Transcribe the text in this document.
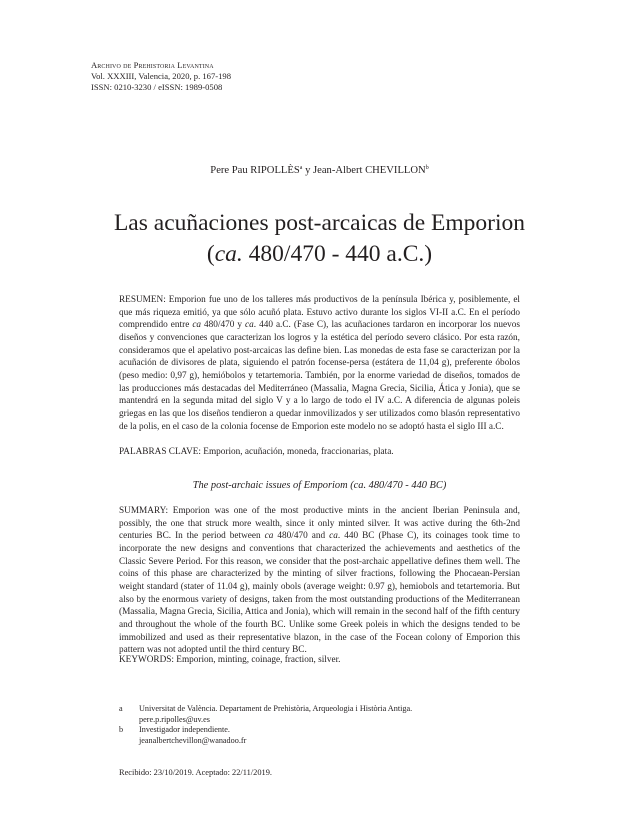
Archivo de Prehistoria Levantina
Vol. XXXIII, Valencia, 2020, p. 167-198
ISSN: 0210-3230 / eISSN: 1989-0508
Pere Pau RIPOLLÈS$^a$ y Jean-Albert CHEVILLON$^b$
Las acuñaciones post-arcaicas de Emporion
(ca. 480/470 - 440 a.C.)

RESUMEN: Emporion fue uno de los talleres más productivos de la península Ibérica y, posiblemente, el que más riqueza emitió, ya que sólo acuñó plata. Estuvo activo durante los siglos VI-II a.C. En el período comprendido entre ca 480/470 y ca. 440 a.C. (Fase C), las acuñaciones tardaron en incorporar los nuevos diseños y convenciones que caracterizan los logros y la estética del período severo clásico. Por esta razón, consideramos que el apelativo post-arcaicas las define bien. Las monedas de esta fase se caracterizan por la acuñación de divisores de plata, siguiendo el patrón focense-persa (estátera de 11,04 g), preferente óbolos (peso medio: 0,97 g), hemióbolos y tetartemoria. También, por la enorme variedad de diseños, tomados de las producciones más destacadas del Mediterráneo (Massalia, Magna Grecia, Sicilia, Ática y Jonia), que se mantendrá en la segunda mitad del siglo V y a lo largo de todo el IV a.C. A diferencia de algunas poleis griegas en las que los diseños tendieron a quedar inmovilizados y ser utilizados como blasón representativo de la polis, en el caso de la colonia focense de Emporion este modelo no se adoptó hasta el siglo III a.C.

PALABRAS CLAVE: Emporion, acuñación, moneda, fraccionarias, plata.
The post-archaic issues of Emporiom (ca. 480/470 - 440 BC)

SUMMARY: Emporion was one of the most productive mints in the ancient Iberian Peninsula and, possibly, the one that struck more wealth, since it only minted silver. It was active during the 6th-2nd centuries BC. In the period between ca 480/470 and ca. 440 BC (Phase C), its coinages took time to incorporate the new designs and conventions that characterized the achievements and aesthetics of the Classic Severe Period. For this reason, we consider that the post-archaic appellative defines them well. The coins of this phase are characterized by the minting of silver fractions, following the Phocaean-Persian weight standard (stater of 11.04 g), mainly obols (average weight: 0.97 g), hemiobols and tetartemoria. But also by the enormous variety of designs, taken from the most outstanding productions of the Mediterranean (Massalia, Magna Grecia, Sicilia, Attica and Jonia), which will remain in the second half of the fifth century and throughout the whole of the fourth BC. Unlike some Greek poleis in which the designs tended to be immobilized and used as their representative blazon, in the case of the Focean colony of Emporion this pattern was not adopted until the third century BC.

KEYWORDS: Emporion, minting, coinage, fraction, silver.
a	Universitat de València. Departament de Prehistòria, Arqueologia i Història Antiga.
pere.p.ripolles@uv.es
b	Investigador independiente.
jeanalbertchevillon@wanadoo.fr
Recibido: 23/10/2019. Aceptado: 22/11/2019.
